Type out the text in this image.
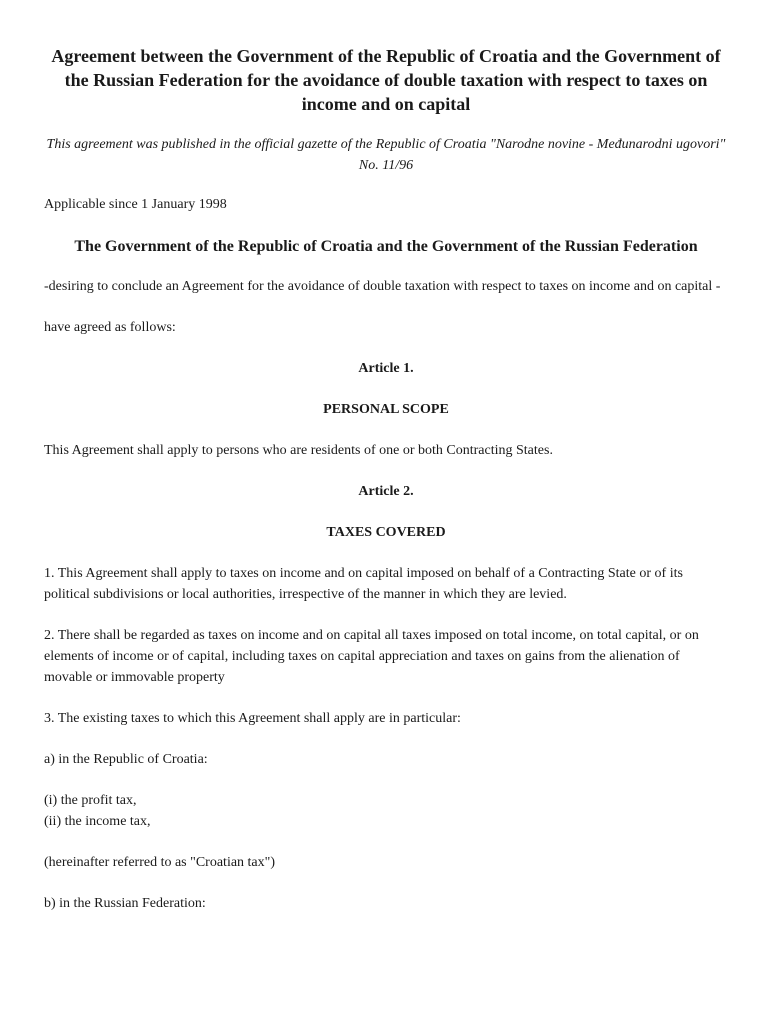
Agreement between the Government of the Republic of Croatia and the Government of the Russian Federation for the avoidance of double taxation with respect to taxes on income and on capital
This agreement was published in the official gazette of the Republic of Croatia "Narodne novine - Međunarodni ugovori" No. 11/96
Applicable since 1 January 1998
The Government of the Republic of Croatia and the Government of the Russian Federation
-desiring to conclude an Agreement for the avoidance of double taxation with respect to taxes on income and on capital -
have agreed as follows:
Article 1.
PERSONAL SCOPE
This Agreement shall apply to persons who are residents of one or both Contracting States.
Article 2.
TAXES COVERED
1. This Agreement shall apply to taxes on income and on capital imposed on behalf of a Contracting State or of its political subdivisions or local authorities, irrespective of the manner in which they are levied.
2. There shall be regarded as taxes on income and on capital all taxes imposed on total income, on total capital, or on elements of income or of capital, including taxes on capital appreciation and taxes on gains from the alienation of movable or immovable property
3. The existing taxes to which this Agreement shall apply are in particular:
a) in the Republic of Croatia:
(i) the profit tax,
(ii) the income tax,
(hereinafter referred to as "Croatian tax")
b) in the Russian Federation:
